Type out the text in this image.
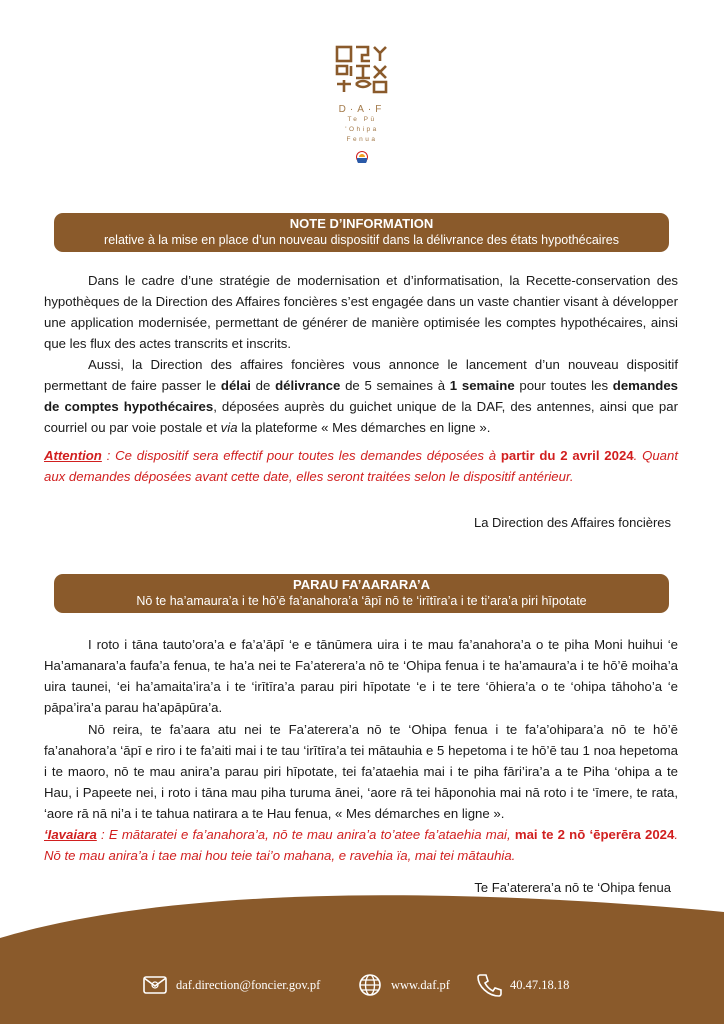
D·A·F
Te Pū
'Ohipa
Fenua
NOTE D’INFORMATION
relative à la mise en place d’un nouveau dispositif dans la délivrance des états hypothécaires

Dans le cadre d’une stratégie de modernisation et d’informatisation, la Recette-conservation des hypothèques de la Direction des Affaires foncières s’est engagée dans un vaste chantier visant à développer une application modernisée, permettant de générer de manière optimisée les comptes hypothécaires, ainsi que les flux des actes transcrits et inscrits.

Aussi, la Direction des affaires foncières vous annonce le lancement d’un nouveau dispositif permettant de faire passer le délai de délivrance de 5 semaines à 1 semaine pour toutes les demandes de comptes hypothécaires, déposées auprès du guichet unique de la DAF, des antennes, ainsi que par courriel ou par voie postale et via la plateforme « Mes démarches en ligne ».

Attention : Ce dispositif sera effectif pour toutes les demandes déposées à partir du 2 avril 2024. Quant aux demandes déposées avant cette date, elles seront traitées selon le dispositif antérieur.

La Direction des Affaires foncières
PARAU FA’AARARA’A
Nō te ha’amaura’a i te hō’ē fa’anahora’a ‘āpī nō te ‘irītīra’a i te ti’ara’a piri hīpotate

I roto i tāna tauto’ora’a e fa’a’āpī ‘e e tānūmera uira i te mau fa’anahora’a o te piha Moni huihui ‘e Ha’amanara’a faufa’a fenua, te ha’a nei te Fa’aterera’a nō te ‘Ohipa fenua i te ha’amaura’a i te hō’ē moiha’a uira taunei, ‘ei ha’amaita’ira’a i te ‘irītīra’a parau piri hīpotate ‘e i te tere ‘ōhiera’a o te ‘ohipa tāhoho’a ‘e pāpa’ira’a parau ha’apāpūra’a.

Nō reira, te fa’aara atu nei te Fa’aterera’a nō te ‘Ohipa fenua i te fa’a’ohipara’a nō te hō’ē fa’anahora’a ‘āpī e riro i te fa’aiti mai i te tau ‘irītīra’a tei mātauhia e 5 hepetoma i te hō’ē tau 1 noa hepetoma i te maoro, nō te mau anira’a parau piri hīpotate, tei fa’ataehia mai i te piha fāri’ira’a a te Piha ‘ohipa a te Hau, i Papeete nei, i roto i tāna mau piha turuma ānei, ‘aore rā tei hāponohia mai nā roto i te ‘īmere, te rata, ‘aore rā nā ni’a i te tahua natirara a te Hau fenua, « Mes démarches en ligne ».

‘Iavaiara : E mātaratei e fa’anahora’a, nō te mau anira’a to’atee fa’ataehia mai, mai te 2 nō ‘ēperēra 2024. Nō te mau anira’a i tae mai hou teie tai’o mahana, e ravehia ïa, mai tei mātauhia.

Te Fa’aterera’a nō te ‘Ohipa fenua
daf.direction@foncier.gov.pf	www.daf.pf	40.47.18.18
